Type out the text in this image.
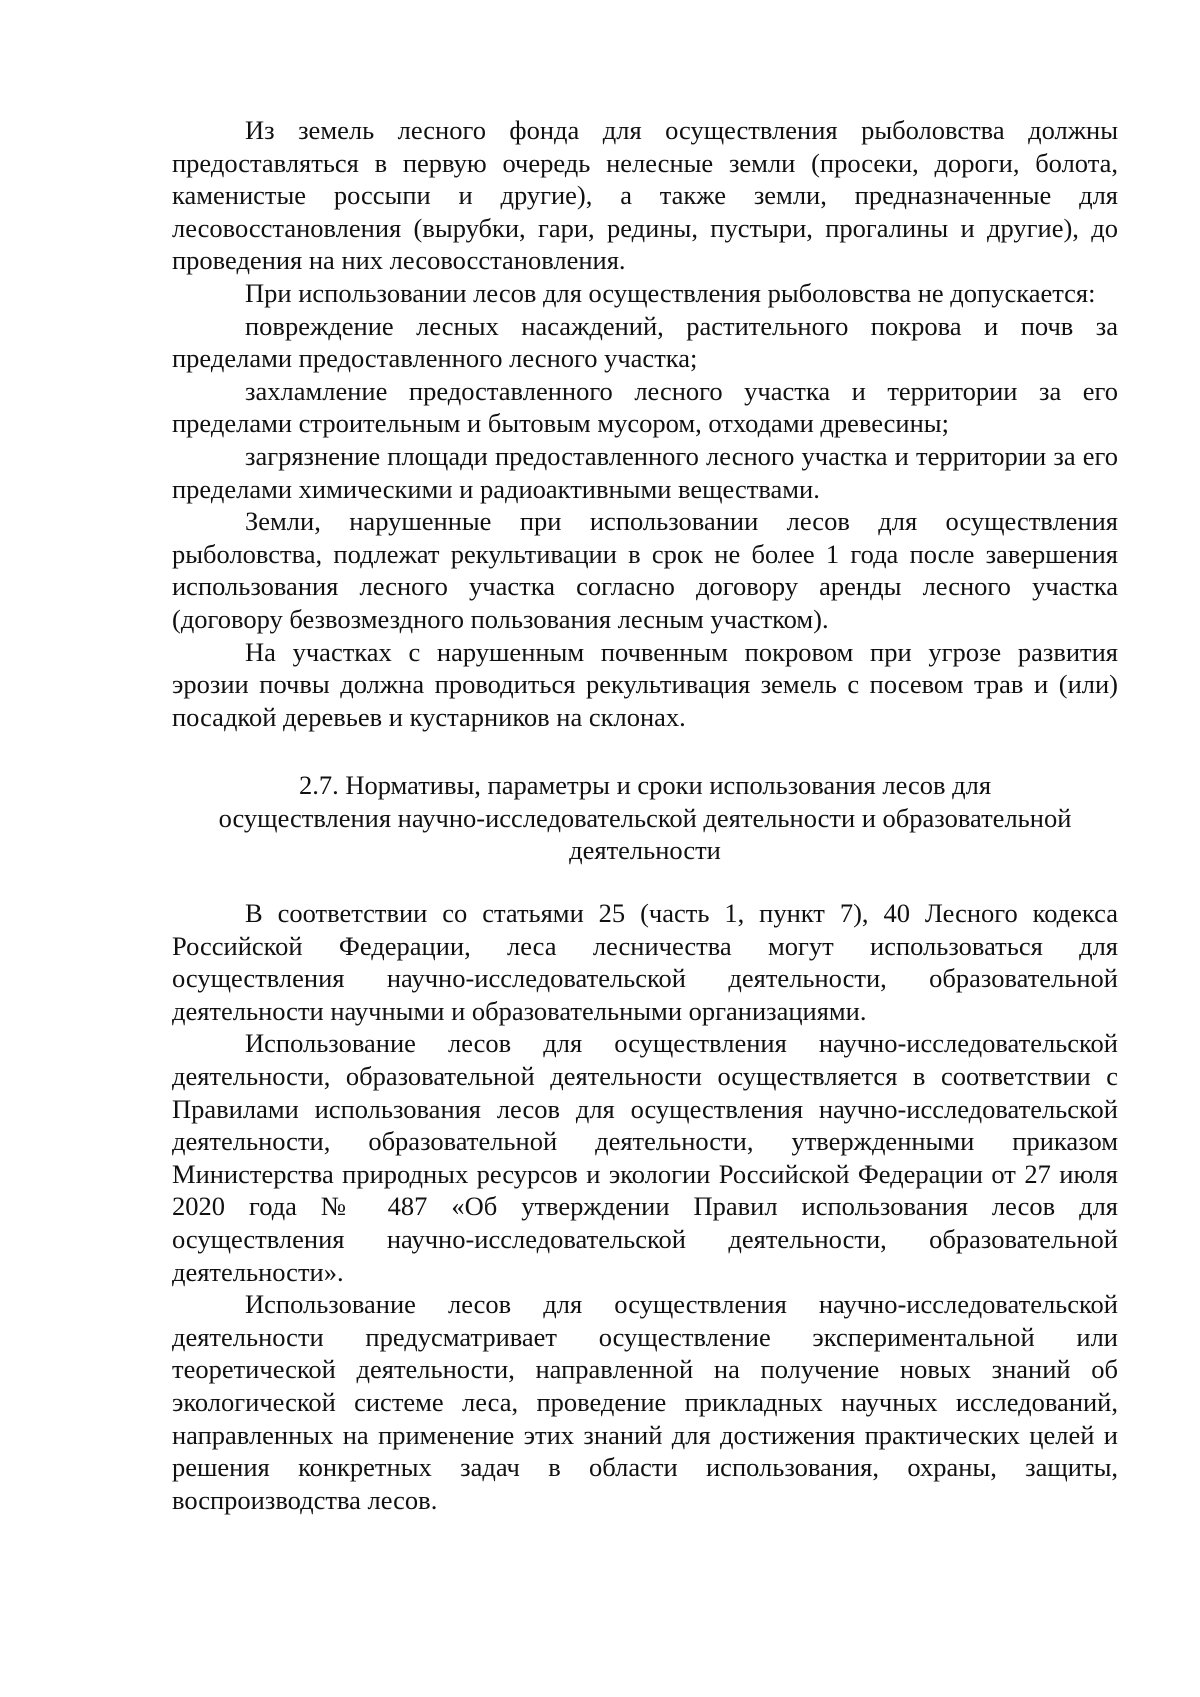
Из земель лесного фонда для осуществления рыболовства должны предоставляться в первую очередь нелесные земли (просеки, дороги, болота, каменистые россыпи и другие), а также земли, предназначенные для лесовосстановления (вырубки, гари, редины, пустыри, прогалины и другие), до проведения на них лесовосстановления.

При использовании лесов для осуществления рыболовства не допускается:

повреждение лесных насаждений, растительного покрова и почв за пределами предоставленного лесного участка;

захламление предоставленного лесного участка и территории за его пределами строительным и бытовым мусором, отходами древесины;

загрязнение площади предоставленного лесного участка и территории за его пределами химическими и радиоактивными веществами.

Земли, нарушенные при использовании лесов для осуществления рыболовства, подлежат рекультивации в срок не более 1 года после завершения использования лесного участка согласно договору аренды лесного участка (договору безвозмездного пользования лесным участком).

На участках с нарушенным почвенным покровом при угрозе развития эрозии почвы должна проводиться рекультивация земель с посевом трав и (или) посадкой деревьев и кустарников на склонах.

2.7. Нормативы, параметры и сроки использования лесов для
осуществления научно-исследовательской деятельности и образовательной
деятельности

В соответствии со статьями 25 (часть 1, пункт 7), 40 Лесного кодекса Российской Федерации, леса лесничества могут использоваться для осуществления научно-исследовательской деятельности, образовательной деятельности научными и образовательными организациями.

Использование лесов для осуществления научно-исследовательской деятельности, образовательной деятельности осуществляется в соответствии с Правилами использования лесов для осуществления научно-исследовательской деятельности, образовательной деятельности, утвержденными приказом Министерства природных ресурсов и экологии Российской Федерации от 27 июля 2020 года № 487 «Об утверждении Правил использования лесов для осуществления научно-исследовательской деятельности, образовательной деятельности».

Использование лесов для осуществления научно-исследовательской деятельности предусматривает осуществление экспериментальной или теоретической деятельности, направленной на получение новых знаний об экологической системе леса, проведение прикладных научных исследований, направленных на применение этих знаний для достижения практических целей и решения конкретных задач в области использования, охраны, защиты, воспроизводства лесов.
